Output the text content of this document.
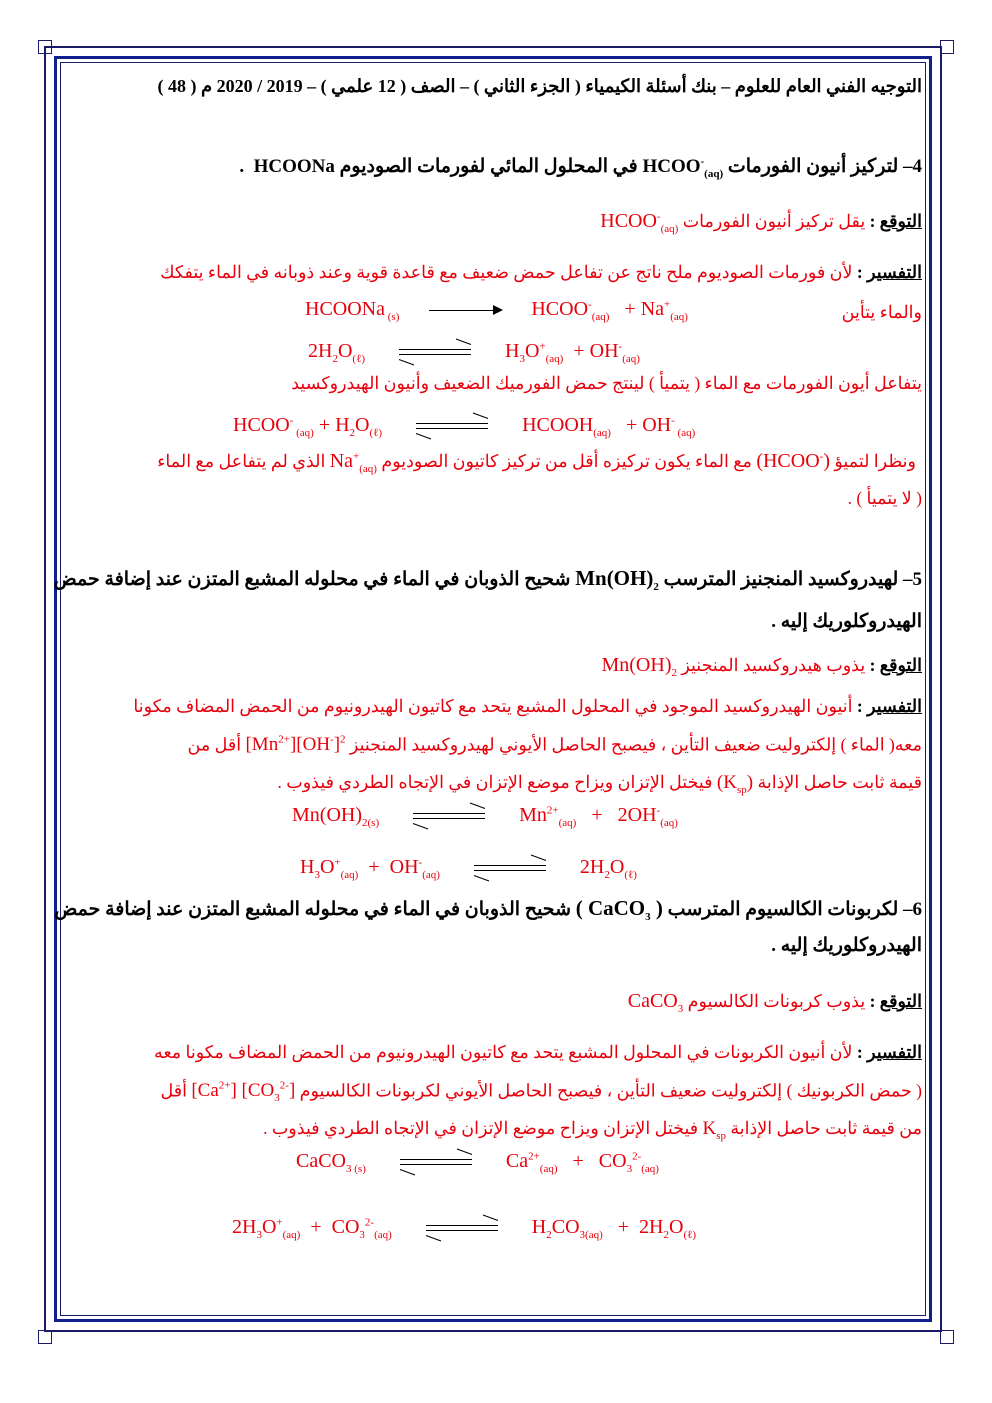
التوجيه الفني العام للعلوم – بنك أسئلة الكيمياء ( الجزء الثاني ) – الصف ( 12 علمي ) – 2019 / 2020 م ( 48 )
4– لتركيز أنيون الفورمات $HCOO^-_{(aq)}$ في المحلول المائي لفورمات الصوديوم HCOONa  .
التوقع : يقل تركيز أنيون الفورمات $HCOO^-_{(aq)}$
التفسير : لأن فورمات الصوديوم ملح ناتج عن تفاعل حمض ضعيف مع قاعدة قوية وعند ذوبانه في الماء يتفكك
والماء يتأين
HCOONa $_{(s)}$	$HCOO^-_{(aq)} + Na^+_{(aq)}$
$2H_2O_{(\ell)}$	$H_3O^+_{(aq)} + OH^-_{(aq)}$
يتفاعل أيون الفورمات مع الماء ( يتميأ ) لينتج حمض الفورميك الضعيف وأنيون الهيدروكسيد
HCOO- $_{(aq)} + H_2O_{(\ell)}$	$HCOOH_{(aq)} + OH^-$ $_{(aq)}$
ونظرا لتميؤ (HCOO-) مع الماء يكون تركيزه أقل من تركيز كاتيون الصوديوم $Na^+_{(aq)}$ الذي لم يتفاعل مع الماء
( لا يتميأ ) .
5– لهيدروكسيد المنجنيز المترسب $Mn(OH)_2$ شحيح الذوبان في الماء في محلوله المشبع المتزن عند إضافة حمض
الهيدروكلوريك إليه .
التوقع : يذوب هيدروكسيد المنجنيز $Mn(OH)_2$
التفسير : أنيون الهيدروكسيد الموجود في المحلول المشبع يتحد مع كاتيون الهيدرونيوم من الحمض المضاف مكونا
معه( الماء ) إلكتروليت ضعيف التأين ، فيصبح الحاصل الأيوني لهيدروكسيد المنجنيز $[Mn^{2+}][OH^-]^2$ أقل من
قيمة ثابت حاصل الإذابة $(K_{sp})$ فيختل الإتزان ويزاح موضع الإتزان في الإتجاه الطردي فيذوب .
$Mn(OH)_{2(s)}$	$Mn^{2+}_{(aq)} + 2OH^-_{(aq)}$
$H_3O^+_{(aq)} + OH^-_{(aq)}$	$2H_2O_{(\ell)}$
6– لكربونات الكالسيوم المترسب ( CaCO$_3$ ) شحيح الذوبان في الماء في محلوله المشبع المتزن عند إضافة حمض
الهيدروكلوريك إليه .
التوقع : يذوب كربونات الكالسيوم CaCO$_3$
التفسير : لأن أنيون الكربونات في المحلول المشبع يتحد مع كاتيون الهيدرونيوم من الحمض المضاف مكونا معه
( حمض الكربونيك ) إلكتروليت ضعيف التأين ، فيصبح الحاصل الأيوني لكربونات الكالسيوم $[Ca^{2+}]$ $[CO_3^{2-}]$ أقل
من قيمة ثابت حاصل الإذابة $K_{sp}$ فيختل الإتزان ويزاح موضع الإتزان في الإتجاه الطردي فيذوب .
CaCO$_{3 (s)}$	$Ca^{2+}_{(aq)} + CO_3^{2-}_{(aq)}$
$2H_3O^+_{(aq)} + CO_3^{2-}_{(aq)}$	$H_2CO_{3(aq)} + 2H_2O_{(\ell)}$
